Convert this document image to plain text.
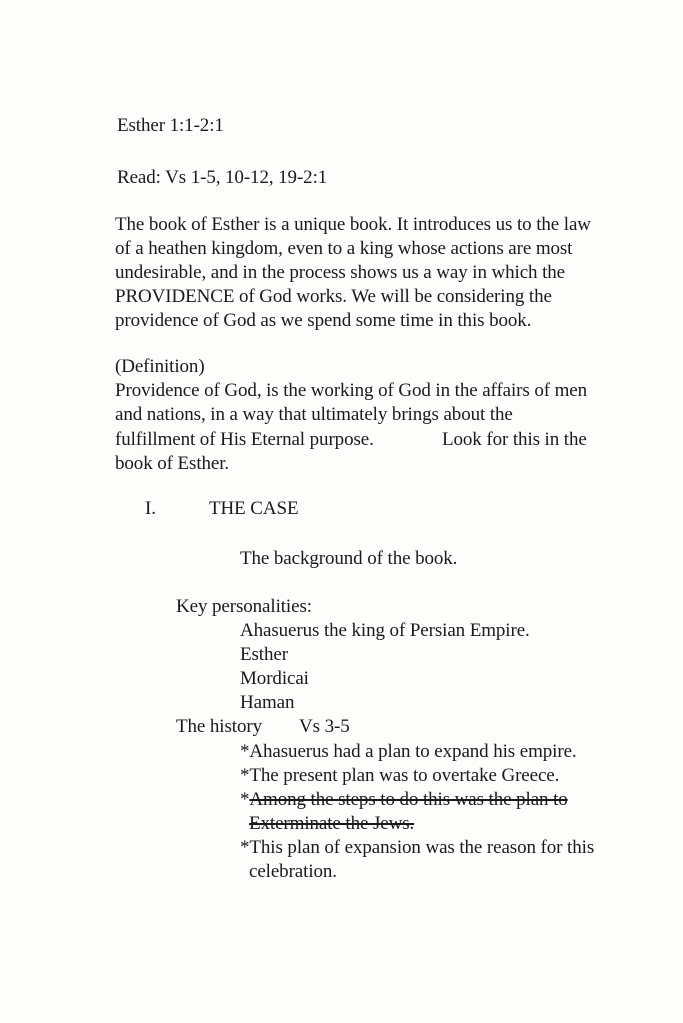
Esther 1:1-2:1
Read: Vs 1-5, 10-12, 19-2:1
The book of Esther is a unique book. It introduces us to the law
of a heathen kingdom, even to a king whose actions are most
undesirable, and in the process shows us a way in which the
PROVIDENCE of God works. We will be considering the
providence of God as we spend some time in this book.
(Definition)
Providence of God, is the working of God in the affairs of men
and nations, in a way that ultimately brings about the
fulfillment of His Eternal purpose.	Look for this in the
book of Esther.
I.	THE CASE
The background of the book.
Key personalities:
Ahasuerus the king of Persian Empire.
Esther
Mordicai
Haman
The history Vs 3-5
*Ahasuerus had a plan to expand his empire.
*The present plan was to overtake Greece.
*Among the steps to do this was the plan to
Exterminate the Jews.
*This plan of expansion was the reason for this
celebration.
